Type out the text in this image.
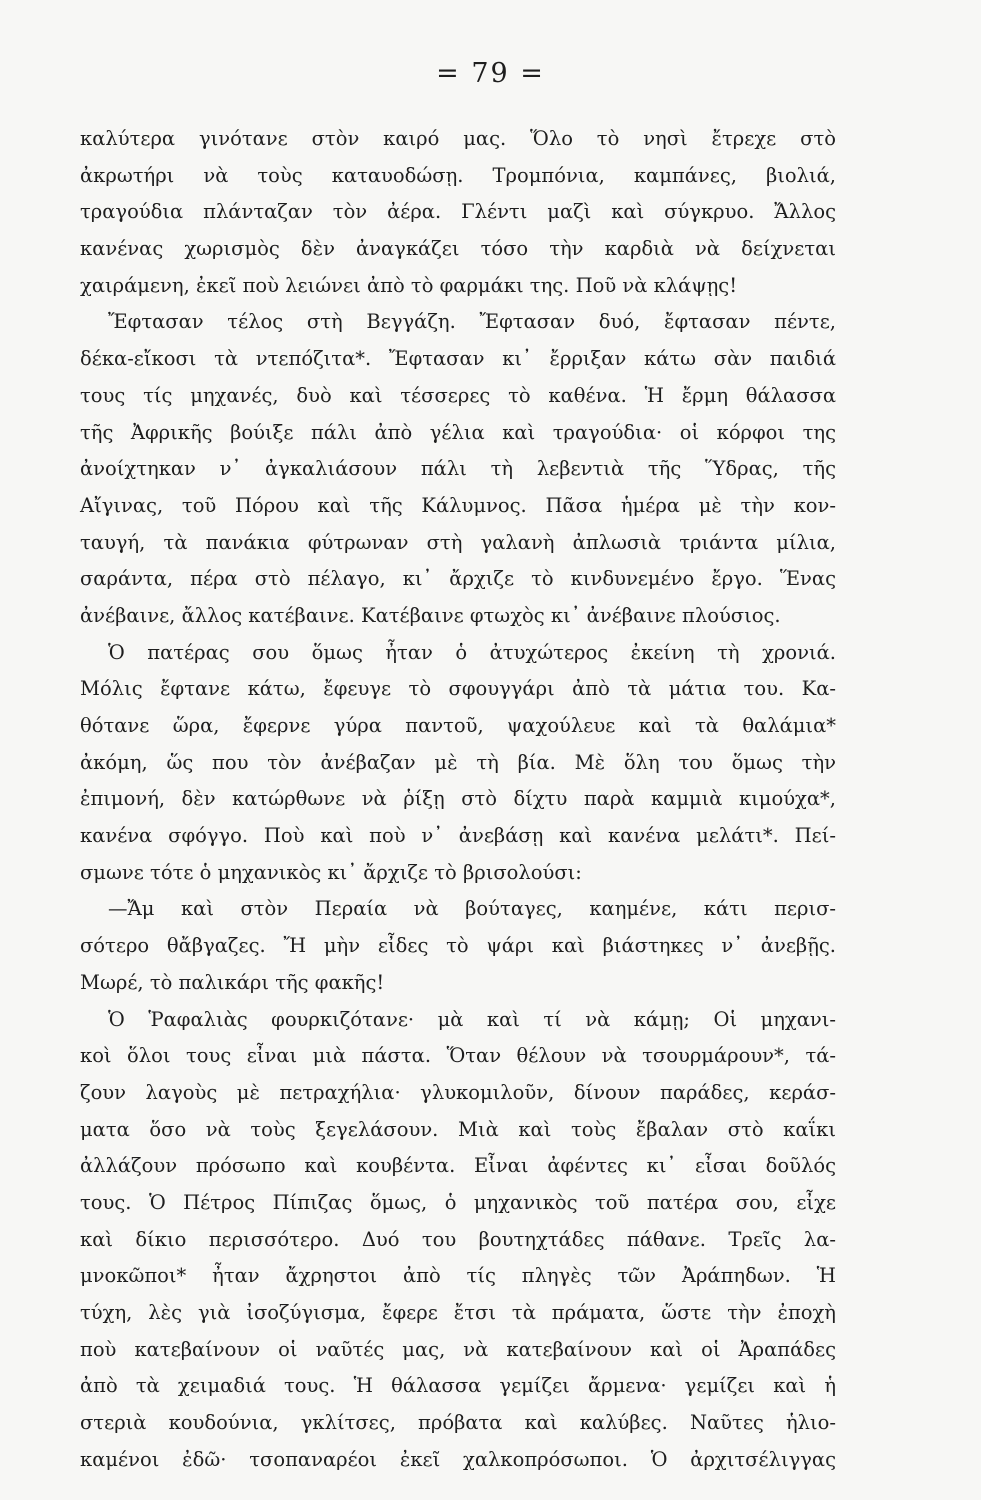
= 79 =
καλύτερα γινότανε στὸν καιρό μας. Ὅλο τὸ νησὶ ἔτρεχε στὸ
ἀκρωτήρι νὰ τοὺς καταυοδώσῃ. Τρομπόνια, καμπάνες, βιολιά,
τραγούδια πλάνταζαν τὸν ἀέρα. Γλέντι μαζὶ καὶ σύγκρυο. Ἄλλος
κανένας χωρισμὸς δὲν ἀναγκάζει τόσο τὴν καρδιὰ νὰ δείχνεται
χαιράμενη, ἐκεῖ ποὺ λειώνει ἀπὸ τὸ φαρμάκι της. Ποῦ νὰ κλάψῃς!
Ἔφτασαν τέλος στὴ Βεγγάζη. Ἔφτασαν δυό, ἔφτασαν πέντε,
δέκα-εἴκοσι τὰ ντεπόζιτα*. Ἔφτασαν κι᾿ ἔρριξαν κάτω σὰν παιδιά
τους τίς μηχανές, δυὸ καὶ τέσσερες τὸ καθένα. Ἡ ἔρμη θάλασσα
τῆς Ἀφρικῆς βούιξε πάλι ἀπὸ γέλια καὶ τραγούδια· οἱ κόρφοι της
ἀνοίχτηκαν ν᾿ ἀγκαλιάσουν πάλι τὴ λεβεντιὰ τῆς Ὕδρας, τῆς
Αἴγινας, τοῦ Πόρου καὶ τῆς Κάλυμνος. Πᾶσα ἡμέρα μὲ τὴν κον-
ταυγή, τὰ πανάκια φύτρωναν στὴ γαλανὴ ἀπλωσιὰ τριάντα μίλια,
σαράντα, πέρα στὸ πέλαγο, κι᾿ ἄρχιζε τὸ κινδυνεμένο ἔργο. Ἕνας
ἀνέβαινε, ἄλλος κατέβαινε. Κατέβαινε φτωχὸς κι᾿ ἀνέβαινε πλούσιος.
Ὁ πατέρας σου ὅμως ἦταν ὁ ἀτυχώτερος ἐκείνη τὴ χρονιά.
Μόλις ἔφτανε κάτω, ἔφευγε τὸ σφουγγάρι ἀπὸ τὰ μάτια του. Κα-
θότανε ὥρα, ἔφερνε γύρα παντοῦ, ψαχούλευε καὶ τὰ θαλάμια*
ἀκόμη, ὥς που τὸν ἀνέβαζαν μὲ τὴ βία. Μὲ ὅλη του ὅμως τὴν
ἐπιμονή, δὲν κατώρθωνε νὰ ῥίξῃ στὸ δίχτυ παρὰ καμμιὰ κιμούχα*,
κανένα σφόγγο. Ποὺ καὶ ποὺ ν᾿ ἀνεβάσῃ καὶ κανένα μελάτι*. Πεί-
σμωνε τότε ὁ μηχανικὸς κι᾿ ἄρχιζε τὸ βρισολούσι:
—Ἄμ καὶ στὸν Περαία νὰ βούταγες, καημένε, κάτι περισ-
σότερο θἄβγαζες. Ἤ μὴν εἶδες τὸ ψάρι καὶ βιάστηκες ν᾿ ἀνεβῇς.
Μωρέ, τὸ παλικάρι τῆς φακῆς!
Ὁ Ῥαφαλιὰς φουρκιζότανε· μὰ καὶ τί νὰ κάμῃ; Οἱ μηχανι-
κοὶ ὅλοι τους εἶναι μιὰ πάστα. Ὅταν θέλουν νὰ τσουρμάρουν*, τά-
ζουν λαγοὺς μὲ πετραχήλια· γλυκομιλοῦν, δίνουν παράδες, κεράσ-
ματα ὅσο νὰ τοὺς ξεγελάσουν. Μιὰ καὶ τοὺς ἔβαλαν στὸ καΐκι
ἀλλάζουν πρόσωπο καὶ κουβέντα. Εἶναι ἀφέντες κι᾿ εἶσαι δοῦλός
τους. Ὁ Πέτρος Πίπιζας ὅμως, ὁ μηχανικὸς τοῦ πατέρα σου, εἶχε
καὶ δίκιο περισσότερο. Δυό του βουτηχτάδες πάθανε. Τρεῖς λα-
μνοκῶποι* ἦταν ἄχρηστοι ἀπὸ τίς πληγὲς τῶν Ἀράπηδων. Ἡ
τύχη, λὲς γιὰ ἰσοζύγισμα, ἔφερε ἔτσι τὰ πράματα, ὥστε τὴν ἐποχὴ
ποὺ κατεβαίνουν οἱ ναῦτές μας, νὰ κατεβαίνουν καὶ οἱ Ἀραπάδες
ἀπὸ τὰ χειμαδιά τους. Ἡ θάλασσα γεμίζει ἄρμενα· γεμίζει καὶ ἡ
στεριὰ κουδούνια, γκλίτσες, πρόβατα καὶ καλύβες. Ναῦτες ἡλιο-
καμένοι ἐδῶ· τσοπαναρέοι ἐκεῖ χαλκοπρόσωποι. Ὁ ἀρχιτσέλιγγας
